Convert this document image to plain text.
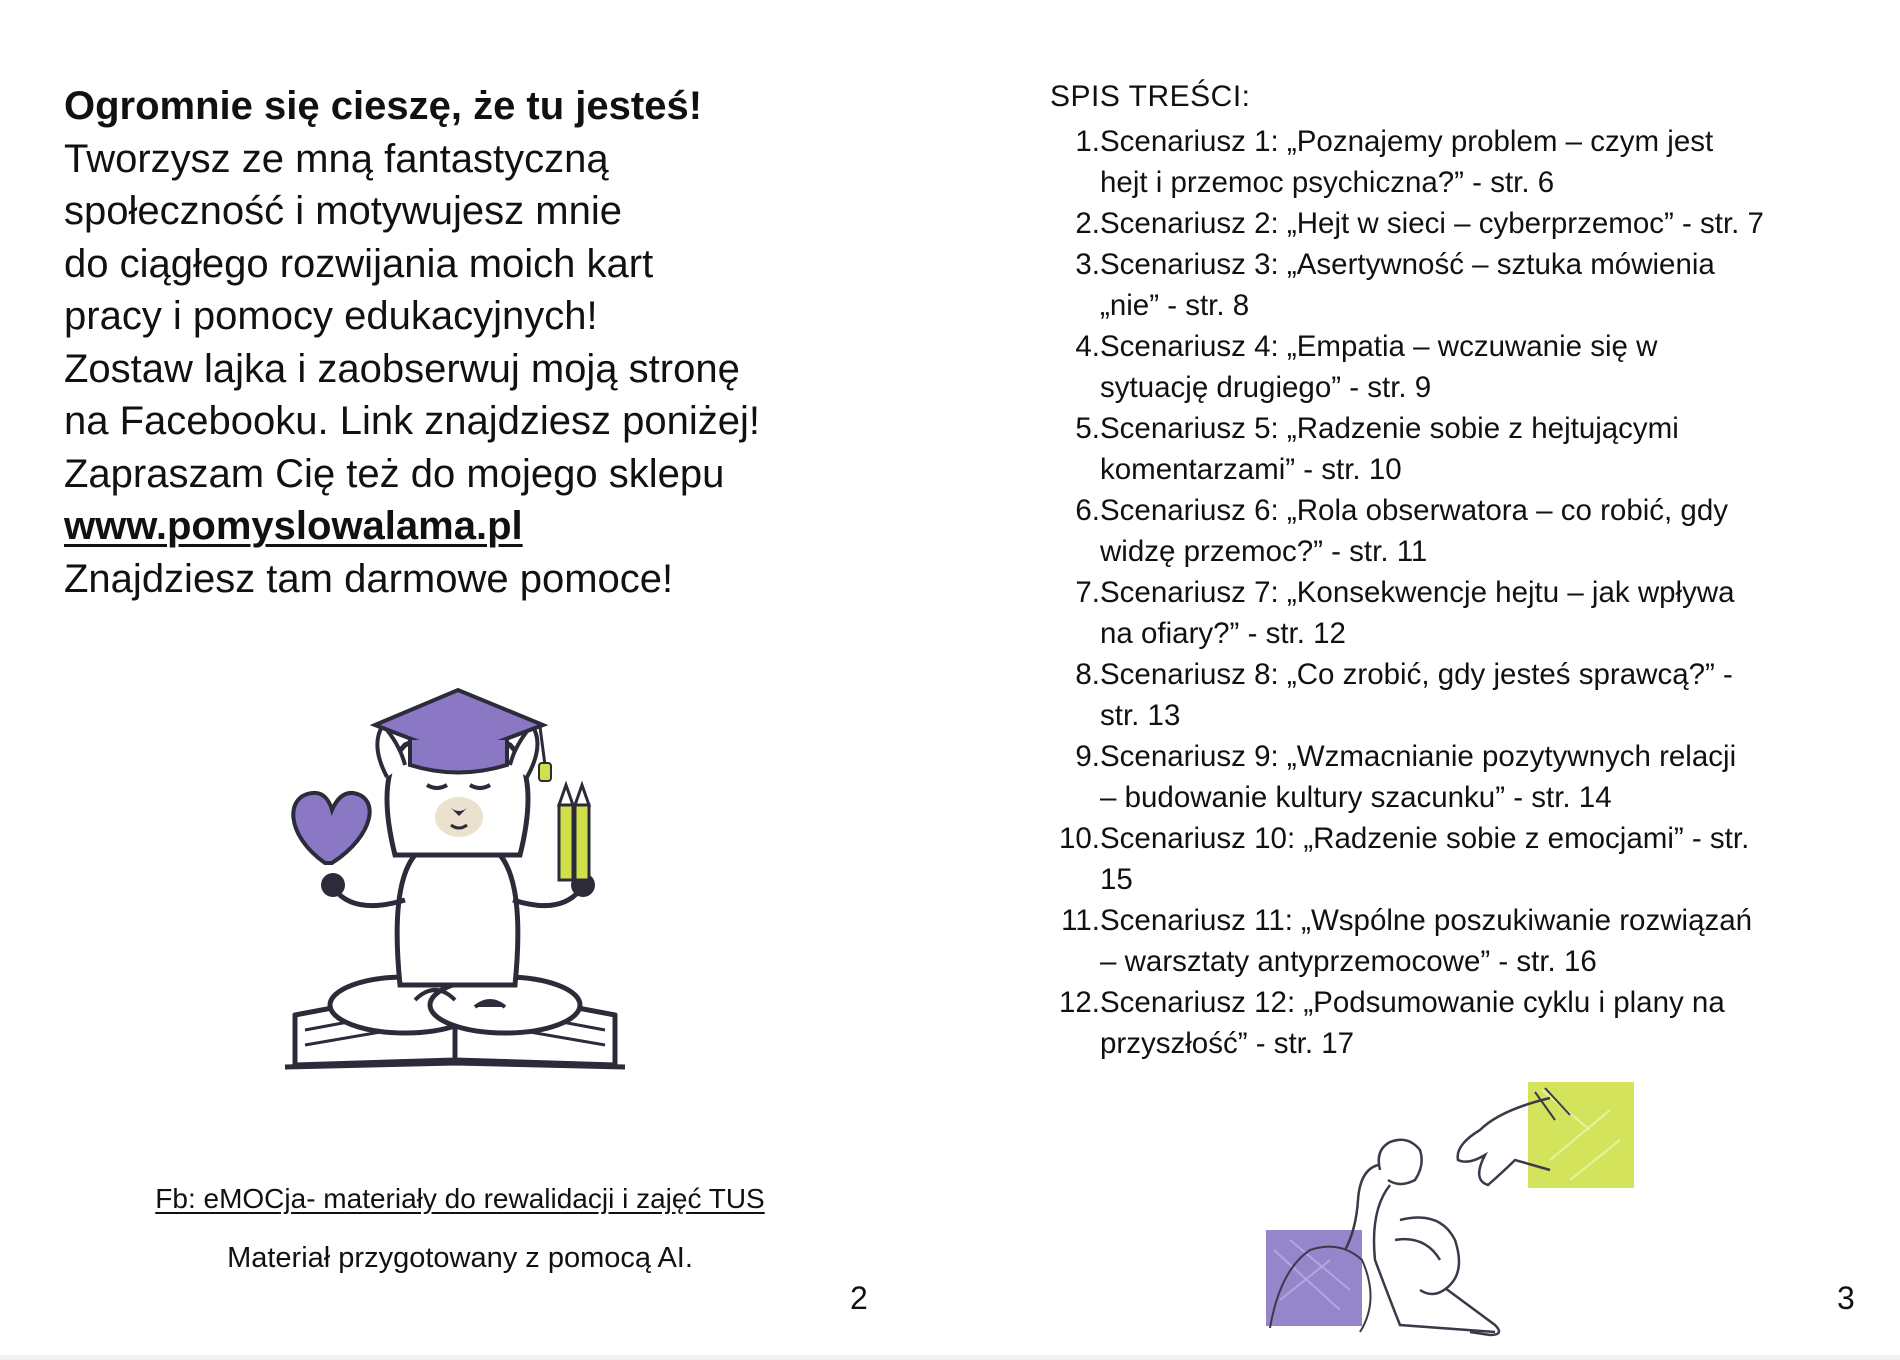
Ogromnie się cieszę, że tu jesteś!
Tworzysz ze mną fantastyczną
społeczność i motywujesz mnie
do ciągłego rozwijania moich kart
pracy i pomocy edukacyjnych!
Zostaw lajka i zaobserwuj moją stronę
na Facebooku. Link znajdziesz poniżej!
Zapraszam Cię też do mojego sklepu
www.pomyslowalama.pl
Znajdziesz tam darmowe pomoce!
Fb: eMOCja- materiały do rewalidacji i zajęć TUS
Materiał przygotowany z pomocą AI.
2
SPIS TREŚCI:
1. Scenariusz 1: „Poznajemy problem – czym jest
hejt i przemoc psychiczna?” - str. 6
2. Scenariusz 2: „Hejt w sieci – cyberprzemoc” - str. 7
3. Scenariusz 3: „Asertywność – sztuka mówienia
„nie” - str. 8
4. Scenariusz 4: „Empatia – wczuwanie się w
sytuację drugiego” - str. 9
5. Scenariusz 5: „Radzenie sobie z hejtującymi
komentarzami” - str. 10
6. Scenariusz 6: „Rola obserwatora – co robić, gdy
widzę przemoc?” - str. 11
7. Scenariusz 7: „Konsekwencje hejtu – jak wpływa
na ofiary?” - str. 12
8. Scenariusz 8: „Co zrobić, gdy jesteś sprawcą?” -
str. 13
9. Scenariusz 9: „Wzmacnianie pozytywnych relacji
– budowanie kultury szacunku” - str. 14
10. Scenariusz 10: „Radzenie sobie z emocjami” - str.
15
11. Scenariusz 11: „Wspólne poszukiwanie rozwiązań
– warsztaty antyprzemocowe” - str. 16
12. Scenariusz 12: „Podsumowanie cyklu i plany na
przyszłość” - str. 17
3
